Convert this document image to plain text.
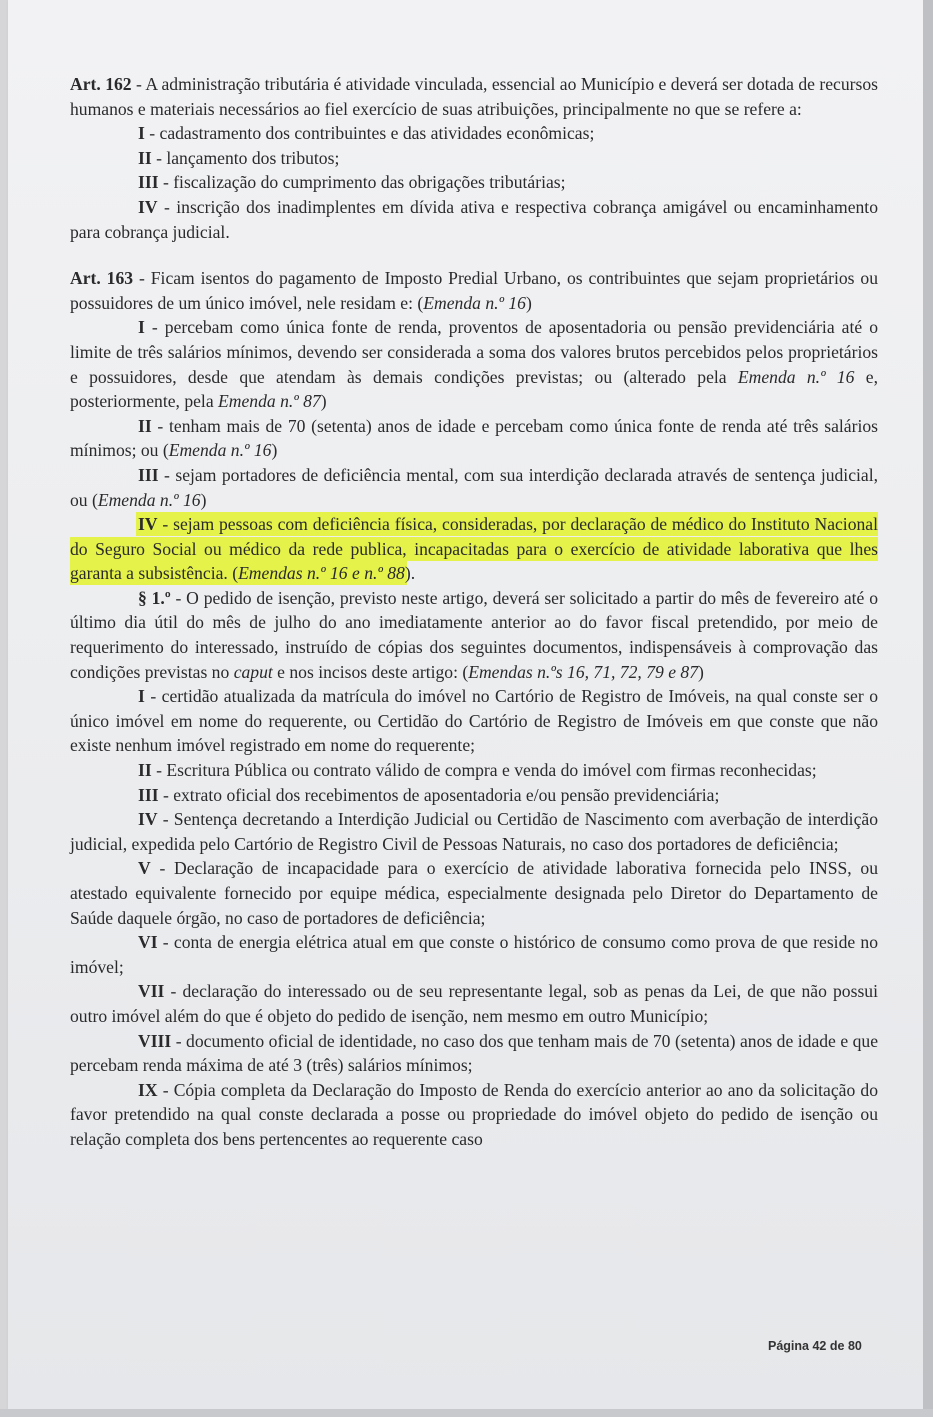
Art. 162 - A administração tributária é atividade vinculada, essencial ao Município e deverá ser dotada de recursos humanos e materiais necessários ao fiel exercício de suas atribuições, principalmente no que se refere a:

I - cadastramento dos contribuintes e das atividades econômicas;

II - lançamento dos tributos;

III - fiscalização do cumprimento das obrigações tributárias;

IV - inscrição dos inadimplentes em dívida ativa e respectiva cobrança amigável ou encaminhamento para cobrança judicial.

Art. 163 - Ficam isentos do pagamento de Imposto Predial Urbano, os contribuintes que sejam proprietários ou possuidores de um único imóvel, nele residam e: (Emenda n.º 16)

I - percebam como única fonte de renda, proventos de aposentadoria ou pensão previdenciária até o limite de três salários mínimos, devendo ser considerada a soma dos valores brutos percebidos pelos proprietários e possuidores, desde que atendam às demais condições previstas; ou (alterado pela Emenda n.º 16 e, posteriormente, pela Emenda n.º 87)

II - tenham mais de 70 (setenta) anos de idade e percebam como única fonte de renda até três salários mínimos; ou (Emenda n.º 16)

III - sejam portadores de deficiência mental, com sua interdição declarada através de sentença judicial, ou (Emenda n.º 16)

IV - sejam pessoas com deficiência física, consideradas, por declaração de médico do Instituto Nacional do Seguro Social ou médico da rede publica, incapacitadas para o exercício de atividade laborativa que lhes garanta a subsistência. (Emendas n.º 16 e n.º 88).

§ 1.º - O pedido de isenção, previsto neste artigo, deverá ser solicitado a partir do mês de fevereiro até o último dia útil do mês de julho do ano imediatamente anterior ao do favor fiscal pretendido, por meio de requerimento do interessado, instruído de cópias dos seguintes documentos, indispensáveis à comprovação das condições previstas no caput e nos incisos deste artigo: (Emendas n.ºs 16, 71, 72, 79 e 87)

I - certidão atualizada da matrícula do imóvel no Cartório de Registro de Imóveis, na qual conste ser o único imóvel em nome do requerente, ou Certidão do Cartório de Registro de Imóveis em que conste que não existe nenhum imóvel registrado em nome do requerente;

II - Escritura Pública ou contrato válido de compra e venda do imóvel com firmas reconhecidas;

III - extrato oficial dos recebimentos de aposentadoria e/ou pensão previdenciária;

IV - Sentença decretando a Interdição Judicial ou Certidão de Nascimento com averbação de interdição judicial, expedida pelo Cartório de Registro Civil de Pessoas Naturais, no caso dos portadores de deficiência;

V - Declaração de incapacidade para o exercício de atividade laborativa fornecida pelo INSS, ou atestado equivalente fornecido por equipe médica, especialmente designada pelo Diretor do Departamento de Saúde daquele órgão, no caso de portadores de deficiência;

VI - conta de energia elétrica atual em que conste o histórico de consumo como prova de que reside no imóvel;

VII - declaração do interessado ou de seu representante legal, sob as penas da Lei, de que não possui outro imóvel além do que é objeto do pedido de isenção, nem mesmo em outro Município;

VIII - documento oficial de identidade, no caso dos que tenham mais de 70 (setenta) anos de idade e que percebam renda máxima de até 3 (três) salários mínimos;

IX - Cópia completa da Declaração do Imposto de Renda do exercício anterior ao ano da solicitação do favor pretendido na qual conste declarada a posse ou propriedade do imóvel objeto do pedido de isenção ou relação completa dos bens pertencentes ao requerente caso

Página 42 de 80
